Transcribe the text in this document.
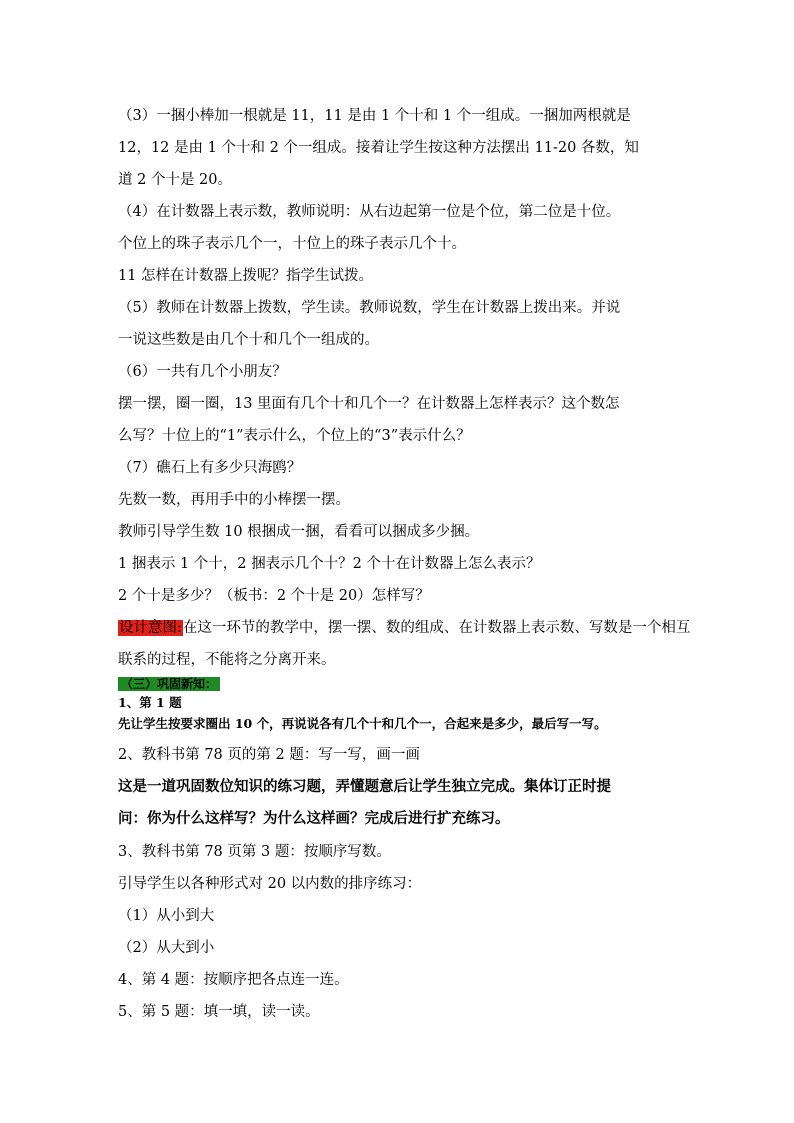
（3）一捆小棒加一根就是 11，11 是由 1 个十和 1 个一组成。一捆加两根就是
12，12 是由 1 个十和 2 个一组成。接着让学生按这种方法摆出 11-20 各数，知
道 2 个十是 20。
（4）在计数器上表示数，教师说明：从右边起第一位是个位，第二位是十位。
个位上的珠子表示几个一，十位上的珠子表示几个十。
11 怎样在计数器上拨呢？指学生试拨。
（5）教师在计数器上拨数，学生读。教师说数，学生在计数器上拨出来。并说
一说这些数是由几个十和几个一组成的。
（6）一共有几个小朋友？
摆一摆，圈一圈，13 里面有几个十和几个一？在计数器上怎样表示？这个数怎
么写？十位上的“1”表示什么，个位上的“3”表示什么？
（7）礁石上有多少只海鸥？
先数一数，再用手中的小棒摆一摆。
教师引导学生数 10 根捆成一捆，看看可以捆成多少捆。
1 捆表示 1 个十，2 捆表示几个十？2 个十在计数器上怎么表示？
2 个十是多少？（板书：2 个十是 20）怎样写？
设计意图:在这一环节的教学中，摆一摆、数的组成、在计数器上表示数、写数是一个相互
联系的过程，不能将之分离开来。
（三）巩固新知：
1、第 1 题
先让学生按要求圈出 10 个，再说说各有几个十和几个一，合起来是多少，最后写一写。
2、教科书第 78 页的第 2 题：写一写，画一画
这是一道巩固数位知识的练习题，弄懂题意后让学生独立完成。集体订正时提
问：你为什么这样写？为什么这样画？完成后进行扩充练习。
3、教科书第 78 页第 3 题：按顺序写数。
引导学生以各种形式对 20 以内数的排序练习：
（1）从小到大
（2）从大到小
4、第 4 题：按顺序把各点连一连。
5、第 5 题：填一填，读一读。
